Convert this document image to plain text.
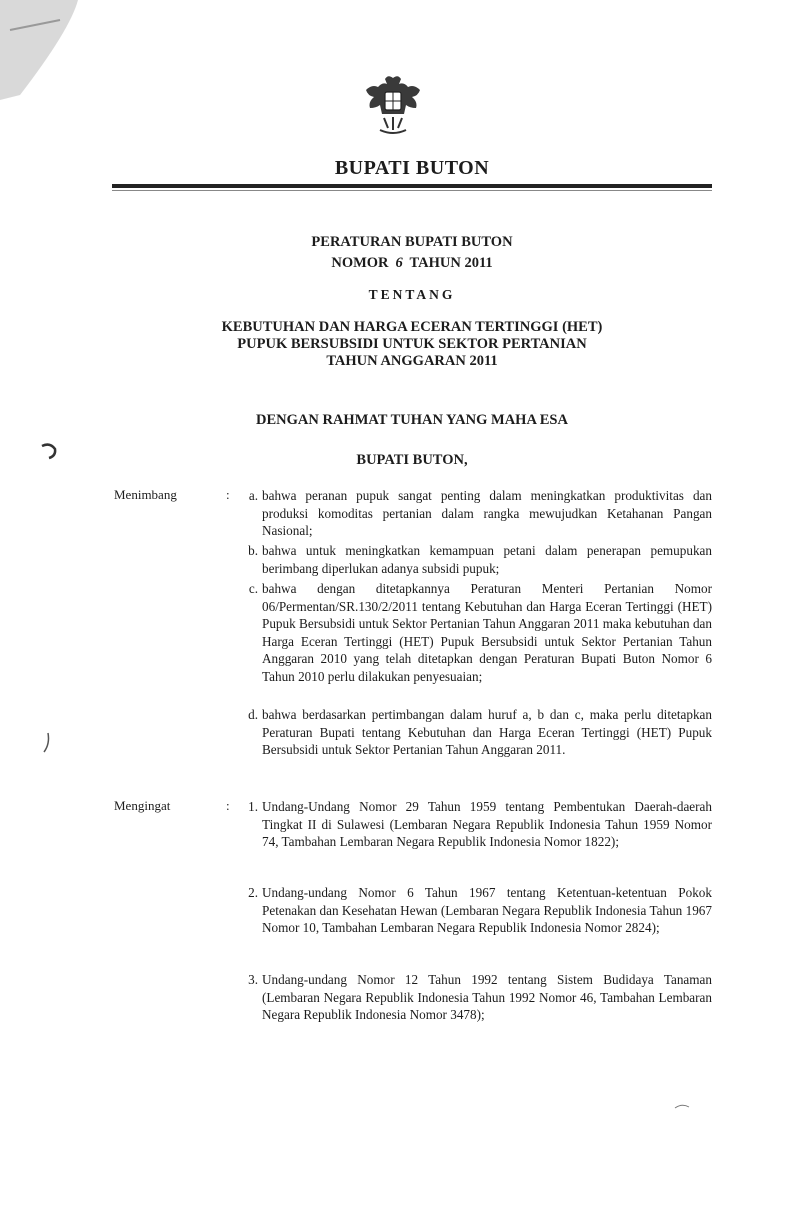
BUPATI BUTON
PERATURAN BUPATI BUTON
NOMOR 6 TAHUN 2011
TENTANG
KEBUTUHAN DAN HARGA ECERAN TERTINGGI (HET)
PUPUK BERSUBSIDI UNTUK SEKTOR PERTANIAN
TAHUN ANGGARAN 2011
DENGAN RAHMAT TUHAN YANG MAHA ESA
BUPATI BUTON,
Menimbang	:	a. bahwa peranan pupuk sangat penting dalam meningkatkan produktivitas dan produksi komoditas pertanian dalam rangka mewujudkan Ketahanan Pangan Nasional;
b. bahwa untuk meningkatkan kemampuan petani dalam penerapan pemupukan berimbang diperlukan adanya subsidi pupuk;
c. bahwa dengan ditetapkannya Peraturan Menteri Pertanian Nomor 06/Permentan/SR.130/2/2011 tentang Kebutuhan dan Harga Eceran Tertinggi (HET) Pupuk Bersubsidi untuk Sektor Pertanian Tahun Anggaran 2011 maka kebutuhan dan Harga Eceran Tertinggi (HET) Pupuk Bersubsidi untuk Sektor Pertanian Tahun Anggaran 2010 yang telah ditetapkan dengan Peraturan Bupati Buton Nomor 6 Tahun 2010 perlu dilakukan penyesuaian;
d. bahwa berdasarkan pertimbangan dalam huruf a, b dan c, maka perlu ditetapkan Peraturan Bupati tentang Kebutuhan dan Harga Eceran Tertinggi (HET) Pupuk Bersubsidi untuk Sektor Pertanian Tahun Anggaran 2011.
Mengingat	:	1. Undang-Undang Nomor 29 Tahun 1959 tentang Pembentukan Daerah-daerah Tingkat II di Sulawesi (Lembaran Negara Republik Indonesia Tahun 1959 Nomor 74, Tambahan Lembaran Negara Republik Indonesia Nomor 1822);
2. Undang-undang Nomor 6 Tahun 1967 tentang Ketentuan-ketentuan Pokok Petenakan dan Kesehatan Hewan (Lembaran Negara Republik Indonesia Tahun 1967 Nomor 10, Tambahan Lembaran Negara Republik Indonesia Nomor 2824);
3. Undang-undang Nomor 12 Tahun 1992 tentang Sistem Budidaya Tanaman (Lembaran Negara Republik Indonesia Tahun 1992 Nomor 46, Tambahan Lembaran Negara Republik Indonesia Nomor 3478);
